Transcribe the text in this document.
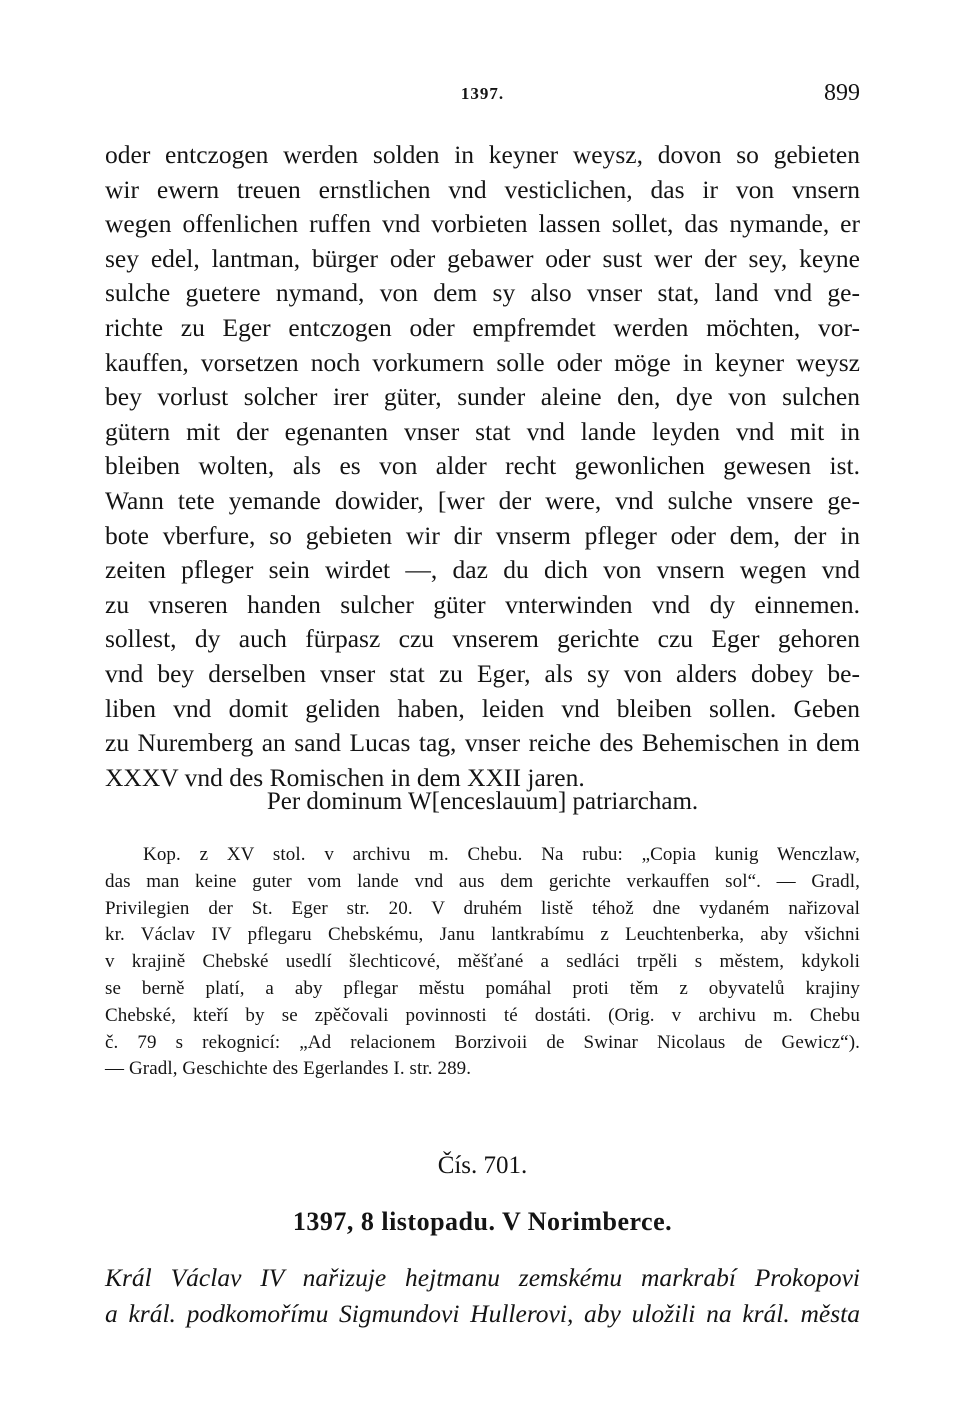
1397.	899
oder entczogen werden solden in keyner weysz, dovon so gebieten
wir ewern treuen ernstlichen vnd vesticlichen, das ir von vnsern
wegen offenlichen ruffen vnd vorbieten lassen sollet, das nymande, er
sey edel, lantman, bürger oder gebawer oder sust wer der sey, keyne
sulche guetere nymand, von dem sy also vnser stat, land vnd ge-
richte zu Eger entczogen oder empfremdet werden möchten, vor-
kauffen, vorsetzen noch vorkumern solle oder möge in keyner weysz
bey vorlust solcher irer güter, sunder aleine den, dye von sulchen
gütern mit der egenanten vnser stat vnd lande leyden vnd mit in
bleiben wolten, als es von alder recht gewonlichen gewesen ist.
Wann tete yemande dowider, [wer der were, vnd sulche vnsere ge-
bote vberfure, so gebieten wir dir vnserm pfleger oder dem, der in
zeiten pfleger sein wirdet —, daz du dich von vnsern wegen vnd
zu vnseren handen sulcher güter vnterwinden vnd dy einnemen.
sollest, dy auch fürpasz czu vnserem gerichte czu Eger gehoren
vnd bey derselben vnser stat zu Eger, als sy von alders dobey be-
liben vnd domit geliden haben, leiden vnd bleiben sollen. Geben
zu Nuremberg an sand Lucas tag, vnser reiche des Behemischen in dem
XXXV vnd des Romischen in dem XXII jaren.
Per dominum W[enceslauum] patriarcham.
Kop. z XV stol. v archivu m. Chebu. Na rubu: „Copia kunig Wenczlaw,
das man keine guter vom lande vnd aus dem gerichte verkauffen sol“. — Gradl,
Privilegien der St. Eger str. 20. V druhém listě téhož dne vydaném nařizoval
kr. Václav IV pflegaru Chebskému, Janu lantkrabímu z Leuchtenberka, aby všichni
v krajině Chebské usedlí šlechticové, měšťané a sedláci trpěli s městem, kdykoli
se berně platí, a aby pflegar městu pomáhal proti těm z obyvatelů krajiny
Chebské, kteří by se zpěčovali povinnosti té dostáti. (Orig. v archivu m. Chebu
č. 79 s rekognicí: „Ad relacionem Borzivoii de Swinar Nicolaus de Gewicz“).
— Gradl, Geschichte des Egerlandes I. str. 289.
Čís. 701.
1397, 8 listopadu. V Norimberce.
Král Václav IV nařizuje hejtmanu zemskému markrabí Prokopovi
a král. podkomořímu Sigmundovi Hullerovi, aby uložili na král. města
